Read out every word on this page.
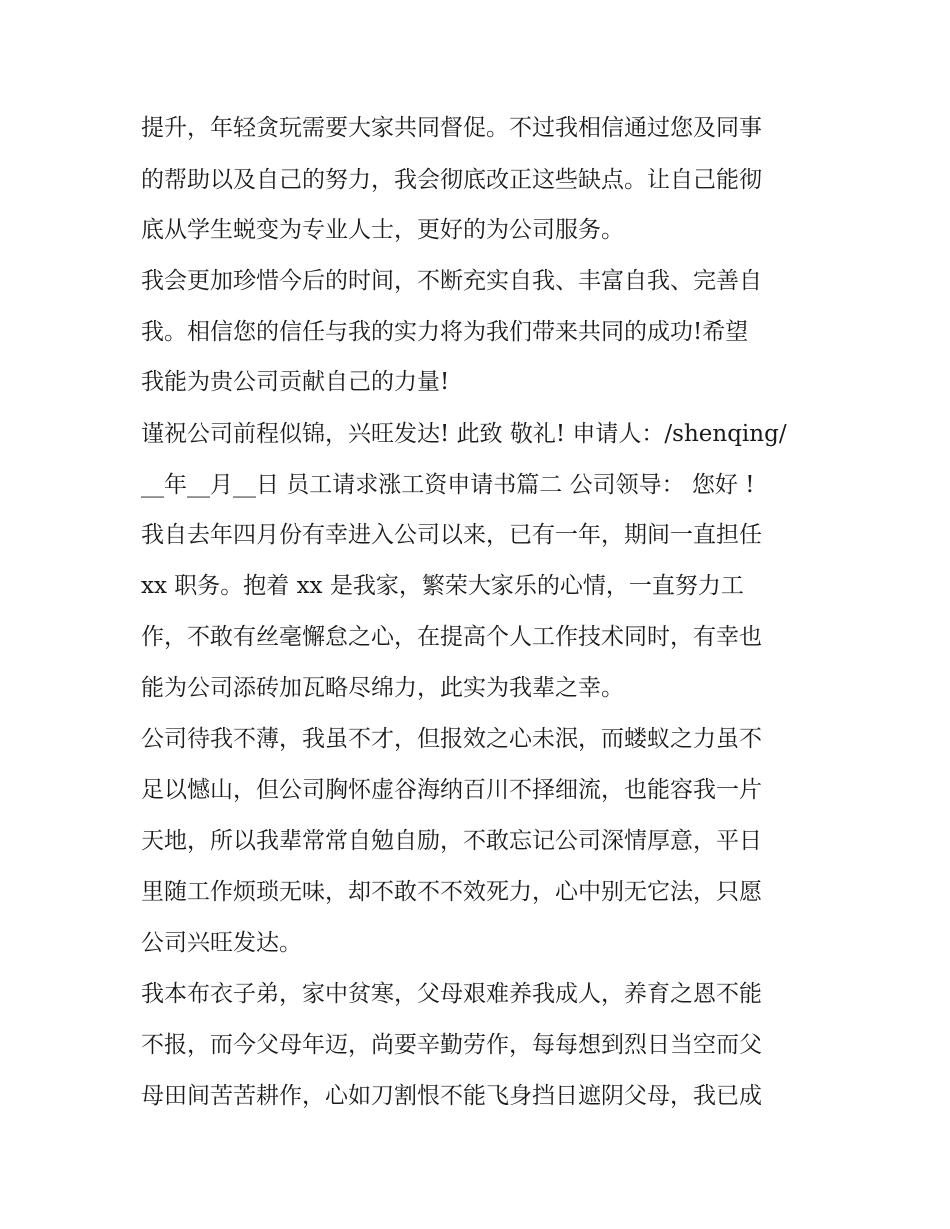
提升，年轻贪玩需要大家共同督促。不过我相信通过您及同事
的帮助以及自己的努力，我会彻底改正这些缺点。让自己能彻
底从学生蜕变为专业人士，更好的为公司服务。
我会更加珍惜今后的时间，不断充实自我、丰富自我、完善自
我。相信您的信任与我的实力将为我们带来共同的成功!希望
我能为贵公司贡献自己的力量!
谨祝公司前程似锦，兴旺发达! 此致 敬礼! 申请人：/shenqing/
__年__月__日 员工请求涨工资申请书篇二 公司领导： 您好 !
我自去年四月份有幸进入公司以来，已有一年，期间一直担任
xx 职务。抱着 xx 是我家，繁荣大家乐的心情，一直努力工
作，不敢有丝毫懈怠之心，在提高个人工作技术同时，有幸也
能为公司添砖加瓦略尽绵力，此实为我辈之幸。
公司待我不薄，我虽不才，但报效之心未泯，而蝼蚁之力虽不
足以憾山，但公司胸怀虚谷海纳百川不择细流，也能容我一片
天地，所以我辈常常自勉自励，不敢忘记公司深情厚意，平日
里随工作烦琐无味，却不敢不不效死力，心中别无它法，只愿
公司兴旺发达。
我本布衣子弟，家中贫寒，父母艰难养我成人，养育之恩不能
不报，而今父母年迈，尚要辛勤劳作，每每想到烈日当空而父
母田间苦苦耕作，心如刀割恨不能飞身挡日遮阴父母，我已成
